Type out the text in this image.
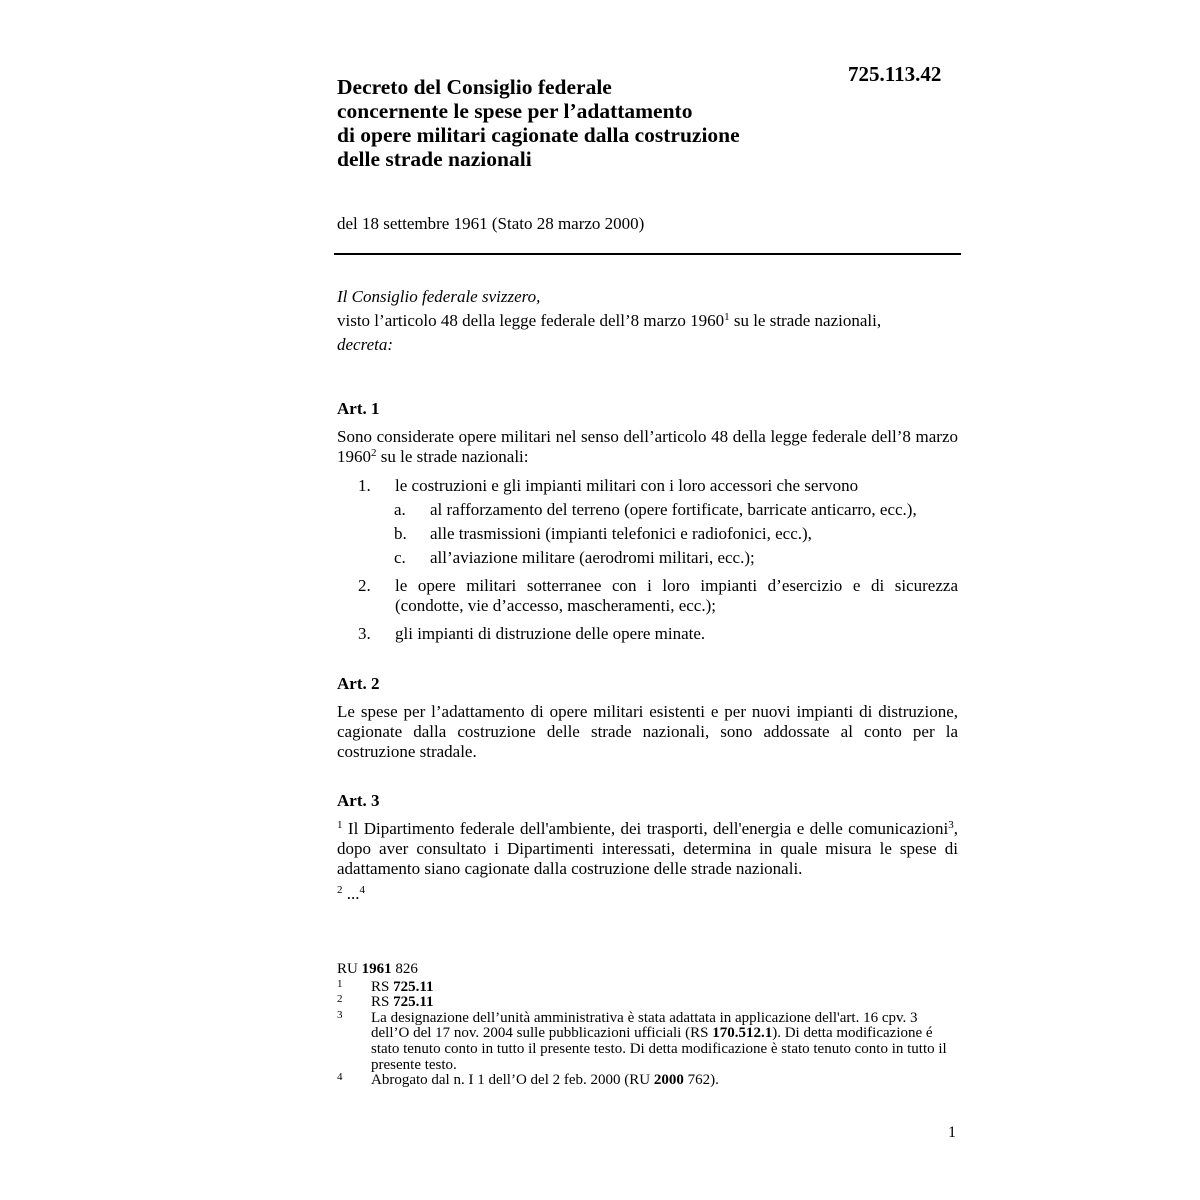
725.113.42
Decreto del Consiglio federale
concernente le spese per l’adattamento
di opere militari cagionate dalla costruzione
delle strade nazionali
del 18 settembre 1961 (Stato 28 marzo 2000)
Il Consiglio federale svizzero,
visto l’articolo 48 della legge federale dell’8 marzo 1960$^1$ su le strade nazionali,
decreta:
Art. 1
Sono considerate opere militari nel senso dell’articolo 48 della legge federale dell’8 marzo 1960$^2$ su le strade nazionali:
1. le costruzioni e gli impianti militari con i loro accessori che servono
a. al rafforzamento del terreno (opere fortificate, barricate anticarro, ecc.),
b. alle trasmissioni (impianti telefonici e radiofonici, ecc.),
c. all’aviazione militare (aerodromi militari, ecc.);
2. le opere militari sotterranee con i loro impianti d’esercizio e di sicurezza (condotte, vie d’accesso, mascheramenti, ecc.);
3. gli impianti di distruzione delle opere minate.
Art. 2
Le spese per l’adattamento di opere militari esistenti e per nuovi impianti di distruzione, cagionate dalla costruzione delle strade nazionali, sono addossate al conto per la costruzione stradale.
Art. 3
$^1$ Il Dipartimento federale dell'ambiente, dei trasporti, dell'energia e delle comunicazioni$^3$, dopo aver consultato i Dipartimenti interessati, determina in quale misura le spese di adattamento siano cagionate dalla costruzione delle strade nazionali.
$^2$ ...$^4$
RU 1961 826
1 RS 725.11
2 RS 725.11
3 La designazione dell’unità amministrativa è stata adattata in applicazione dell'art. 16 cpv. 3 dell’O del 17 nov. 2004 sulle pubblicazioni ufficiali (RS 170.512.1). Di detta modificazione é stato tenuto conto in tutto il presente testo. Di detta modificazione è stato tenuto conto in tutto il presente testo.
4 Abrogato dal n. I 1 dell’O del 2 feb. 2000 (RU 2000 762).
1
